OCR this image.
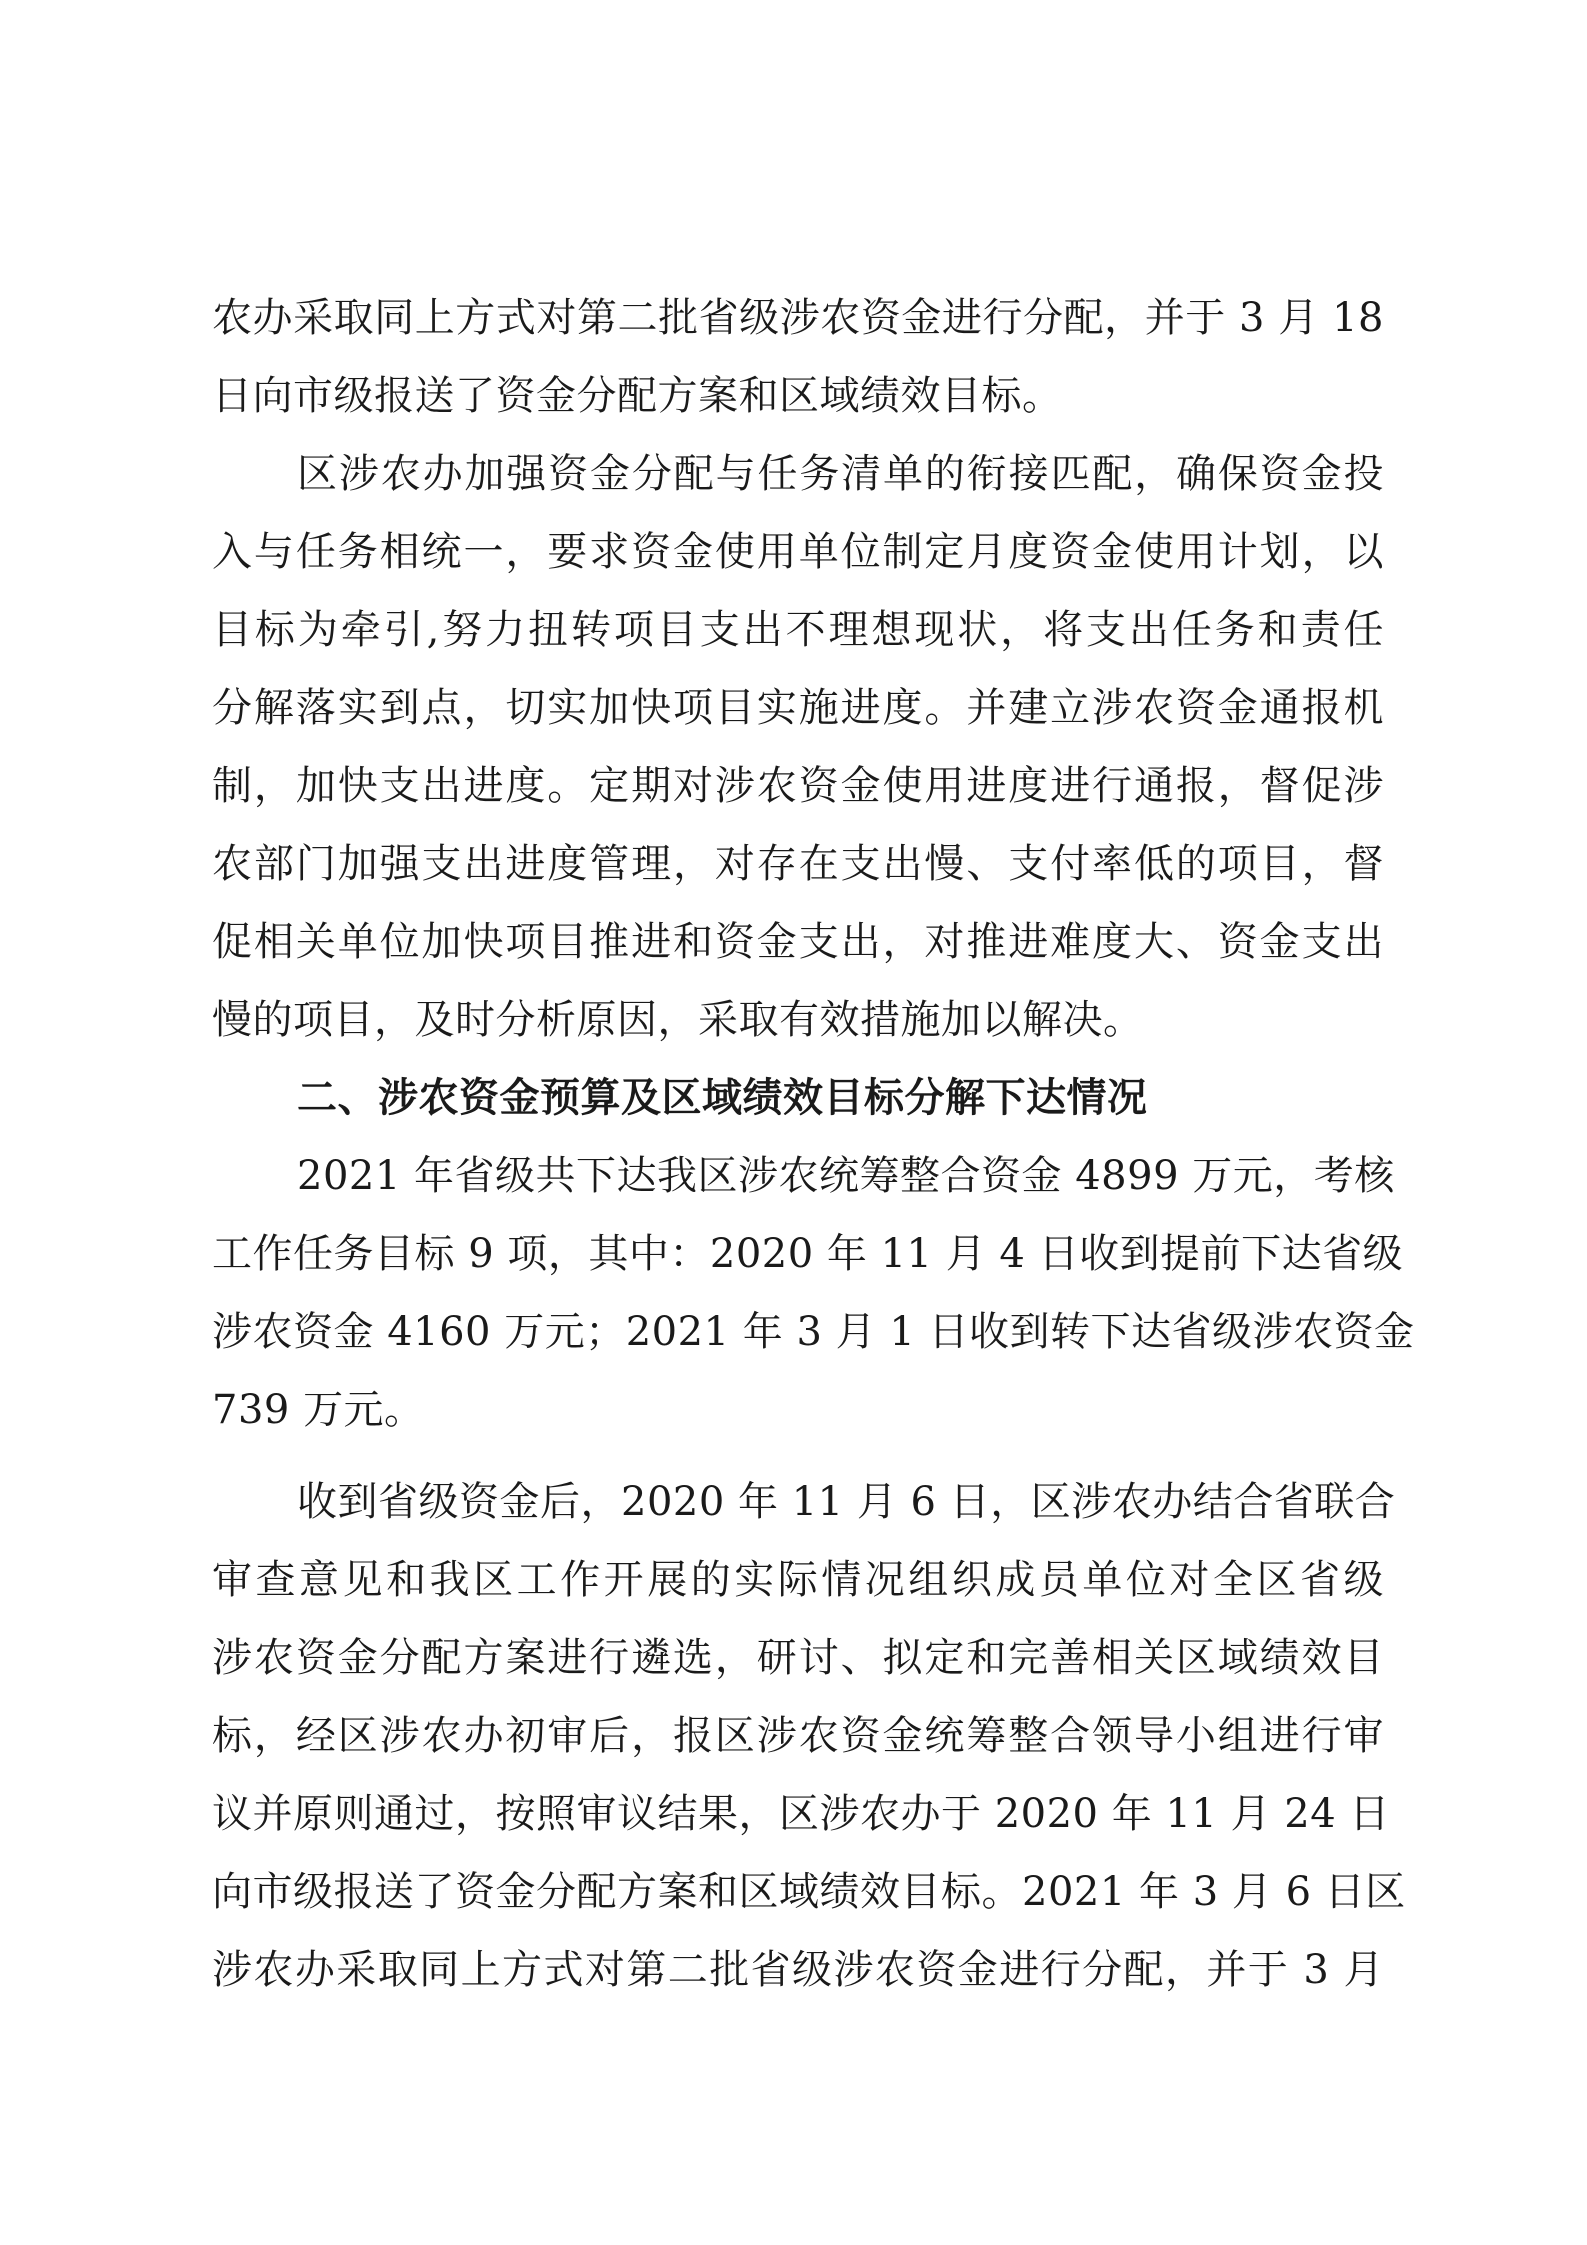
农办采取同上方式对第二批省级涉农资金进行分配，并于 3 月 18
日向市级报送了资金分配方案和区域绩效目标。
区涉农办加强资金分配与任务清单的衔接匹配，确保资金投
入与任务相统一，要求资金使用单位制定月度资金使用计划，以
目标为牵引,努力扭转项目支出不理想现状，将支出任务和责任
分解落实到点，切实加快项目实施进度。并建立涉农资金通报机
制，加快支出进度。定期对涉农资金使用进度进行通报，督促涉
农部门加强支出进度管理，对存在支出慢、支付率低的项目，督
促相关单位加快项目推进和资金支出，对推进难度大、资金支出
慢的项目，及时分析原因，采取有效措施加以解决。
二、涉农资金预算及区域绩效目标分解下达情况
2021 年省级共下达我区涉农统筹整合资金 4899 万元，考核
工作任务目标 9 项，其中：2020 年 11 月 4 日收到提前下达省级
涉农资金 4160 万元；2021 年 3 月 1 日收到转下达省级涉农资金
739 万元。
收到省级资金后，2020 年 11 月 6 日，区涉农办结合省联合
审查意见和我区工作开展的实际情况组织成员单位对全区省级
涉农资金分配方案进行遴选，研讨、拟定和完善相关区域绩效目
标，经区涉农办初审后，报区涉农资金统筹整合领导小组进行审
议并原则通过，按照审议结果，区涉农办于 2020 年 11 月 24 日
向市级报送了资金分配方案和区域绩效目标。2021 年 3 月 6 日区
涉农办采取同上方式对第二批省级涉农资金进行分配，并于 3 月
